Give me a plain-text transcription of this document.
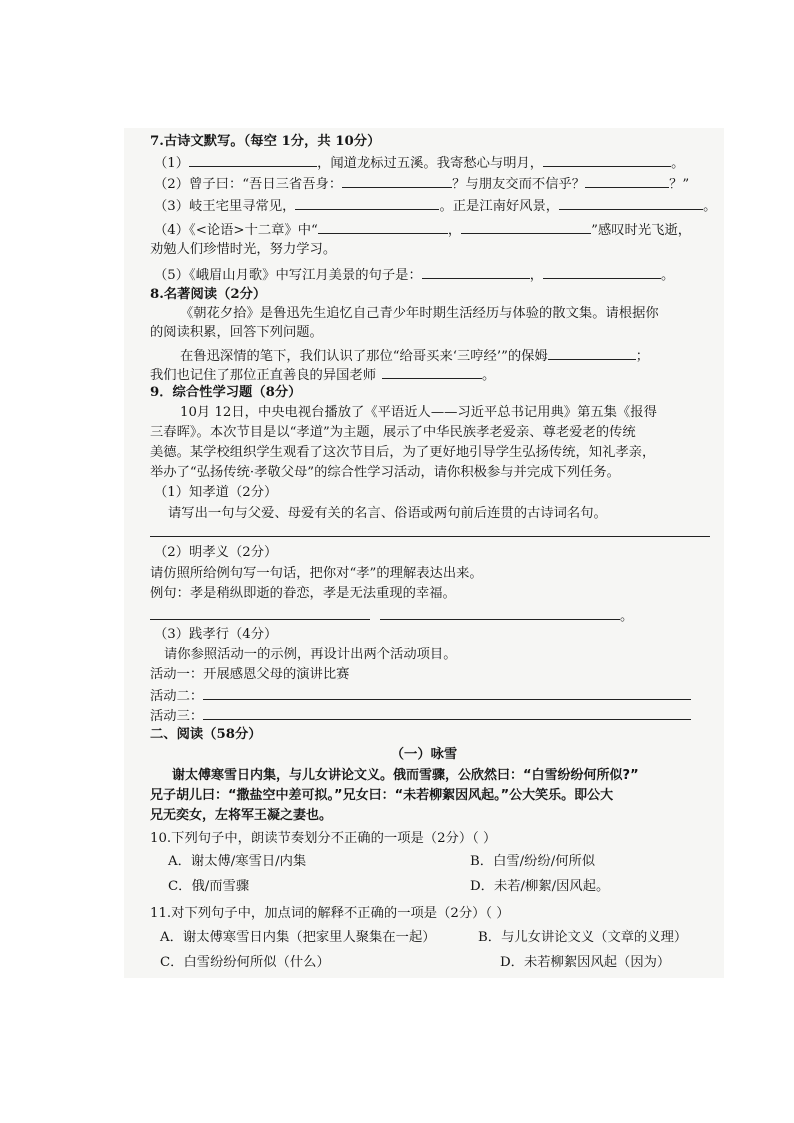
7.古诗文默写。（每空 1分，共 10分）
（1）	，闻道龙标过五溪。我寄愁心与明月，	。
（2）曾子曰：“吾日三省吾身：	？与朋友交而不信乎？	？”
（3）岐王宅里寻常见，	。正是江南好风景，	。
（4）《<论语>十二章》中“	，	”感叹时光飞逝，
劝勉人们珍惜时光，努力学习。
（5）《峨眉山月歌》中写江月美景的句子是：	，	。
8.名著阅读（2分）
《朝花夕拾》是鲁迅先生追忆自己青少年时期生活经历与体验的散文集。请根据你
的阅读积累，回答下列问题。
在鲁迅深情的笔下，我们认识了那位“给哥买来‘三哼经’”的保姆	；
我们也记住了那位正直善良的异国老师	。
9．综合性学习题（8分）
10月 12日，中央电视台播放了《平语近人——习近平总书记用典》第五集《报得
三春晖》。本次节目是以“孝道”为主题，展示了中华民族孝老爱亲、尊老爱老的传统
美德。某学校组织学生观看了这次节目后，为了更好地引导学生弘扬传统，知礼孝亲，
举办了“弘扬传统·孝敬父母”的综合性学习活动，请你积极参与并完成下列任务。
（1）知孝道（2分）
请写出一句与父爱、母爱有关的名言、俗语或两句前后连贯的古诗词名句。
（2）明孝义（2分）
请仿照所给例句写一句话，把你对“孝”的理解表达出来。
例句：孝是稍纵即逝的眷恋，孝是无法重现的幸福。
。
（3）践孝行（4分）
请你参照活动一的示例，再设计出两个活动项目。
活动一：开展感恩父母的演讲比赛
活动二：
活动三：
二、阅读（58分）
（一）咏雪
谢太傅寒雪日内集，与儿女讲论文义。俄而雪骤，公欣然曰：“白雪纷纷何所似?”
兄子胡儿曰：“撒盐空中差可拟。”兄女曰：“未若柳絮因风起。”公大笑乐。即公大
兄无奕女，左将军王凝之妻也。
10.下列句子中，朗读节奏划分不正确的一项是（2分）（ ）
A．谢太傅/寒雪日/内集	B．白雪/纷纷/何所似
C．俄/而雪骤	D．未若/柳絮/因风起。
11.对下列句子中，加点词的解释不正确的一项是（2分）（ ）
A．谢太傅寒雪日内集（把家里人聚集在一起）	B．与儿女讲论文义（文章的义理）
C．白雪纷纷何所似（什么）	D．未若柳絮因风起（因为）
